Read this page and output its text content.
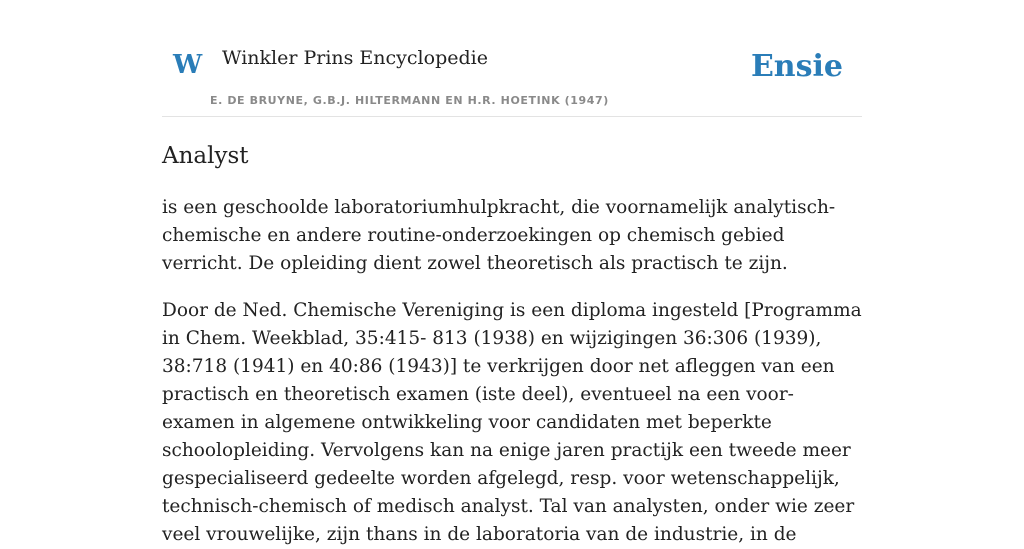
W Winkler Prins Encyclopedie
E. DE BRUYNE, G.B.J. HILTERMANN EN H.R. HOETINK (1947)
Ensie
Analyst

is een geschoolde laboratoriumhulpkracht, die voornamelijk analytisch-chemische en andere routine-onderzoekingen op chemisch gebied verricht. De opleiding dient zowel theoretisch als practisch te zijn.

Door de Ned. Chemische Vereniging is een diploma ingesteld [Programma in Chem. Weekblad, 35:415- 813 (1938) en wijzigingen 36:306 (1939), 38:718 (1941) en 40:86 (1943)] te verkrijgen door net afleggen van een practisch en theoretisch examen (iste deel), eventueel na een voor-examen in algemene ontwikkeling voor candidaten met beperkte schoolopleiding. Vervolgens kan na enige jaren practijk een tweede meer gespecialiseerd gedeelte worden afgelegd, resp. voor wetenschappelijk, technisch-chemisch of medisch analyst. Tal van analysten, onder wie zeer veel vrouwelijke, zijn thans in de laboratoria van de industrie, in de
